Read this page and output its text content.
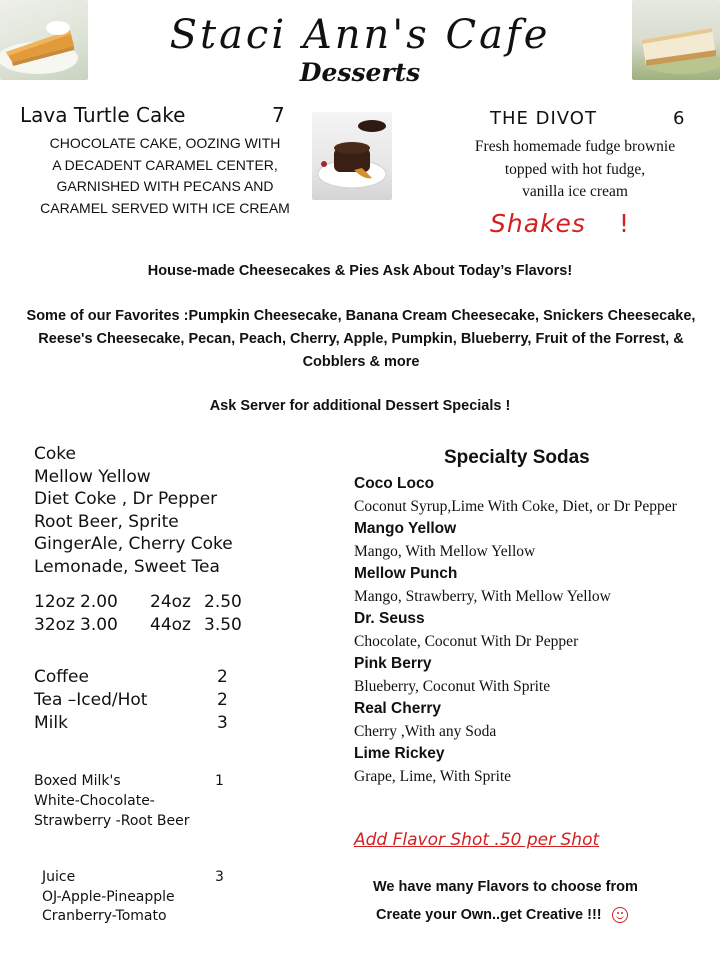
Staci Ann's Cafe
Desserts
Lava Turtle Cake	7
CHOCOLATE CAKE, OOZING WITH
A DECADENT CARAMEL CENTER,
GARNISHED WITH PECANS AND
CARAMEL SERVED WITH ICE CREAM
THE DIVOT	6
Fresh homemade fudge brownie
topped with hot fudge,
vanilla ice cream
Shakes !
House-made Cheesecakes & Pies Ask About Today’s Flavors!
Some of our Favorites :Pumpkin Cheesecake, Banana Cream Cheesecake, Snickers Cheesecake, Reese's Cheesecake, Pecan, Peach, Cherry, Apple, Pumpkin, Blueberry, Fruit of the Forrest, & Cobblers & more
Ask Server for additional Dessert Specials !
Coke
Mellow Yellow
Diet Coke , Dr Pepper
Root Beer, Sprite
GingerAle, Cherry Coke
Lemonade, Sweet Tea
12oz 2.00 24oz 2.50
32oz 3.00 44oz 3.50
Coffee	2
Tea –Iced/Hot	2
Milk	3
Boxed Milk's	1
White-Chocolate-
Strawberry -Root Beer
Juice	3
OJ-Apple-Pineapple
Cranberry-Tomato
Specialty Sodas
Coco Loco
Coconut Syrup,Lime With Coke, Diet, or Dr Pepper
Mango Yellow
Mango, With Mellow Yellow
Mellow Punch
Mango, Strawberry, With Mellow Yellow
Dr. Seuss
Chocolate, Coconut With Dr Pepper
Pink Berry
Blueberry, Coconut With Sprite
Real Cherry
Cherry ,With any Soda
Lime Rickey
Grape, Lime, With Sprite
Add Flavor Shot .50 per Shot
We have many Flavors to choose from
Create your Own..get Creative !!!
